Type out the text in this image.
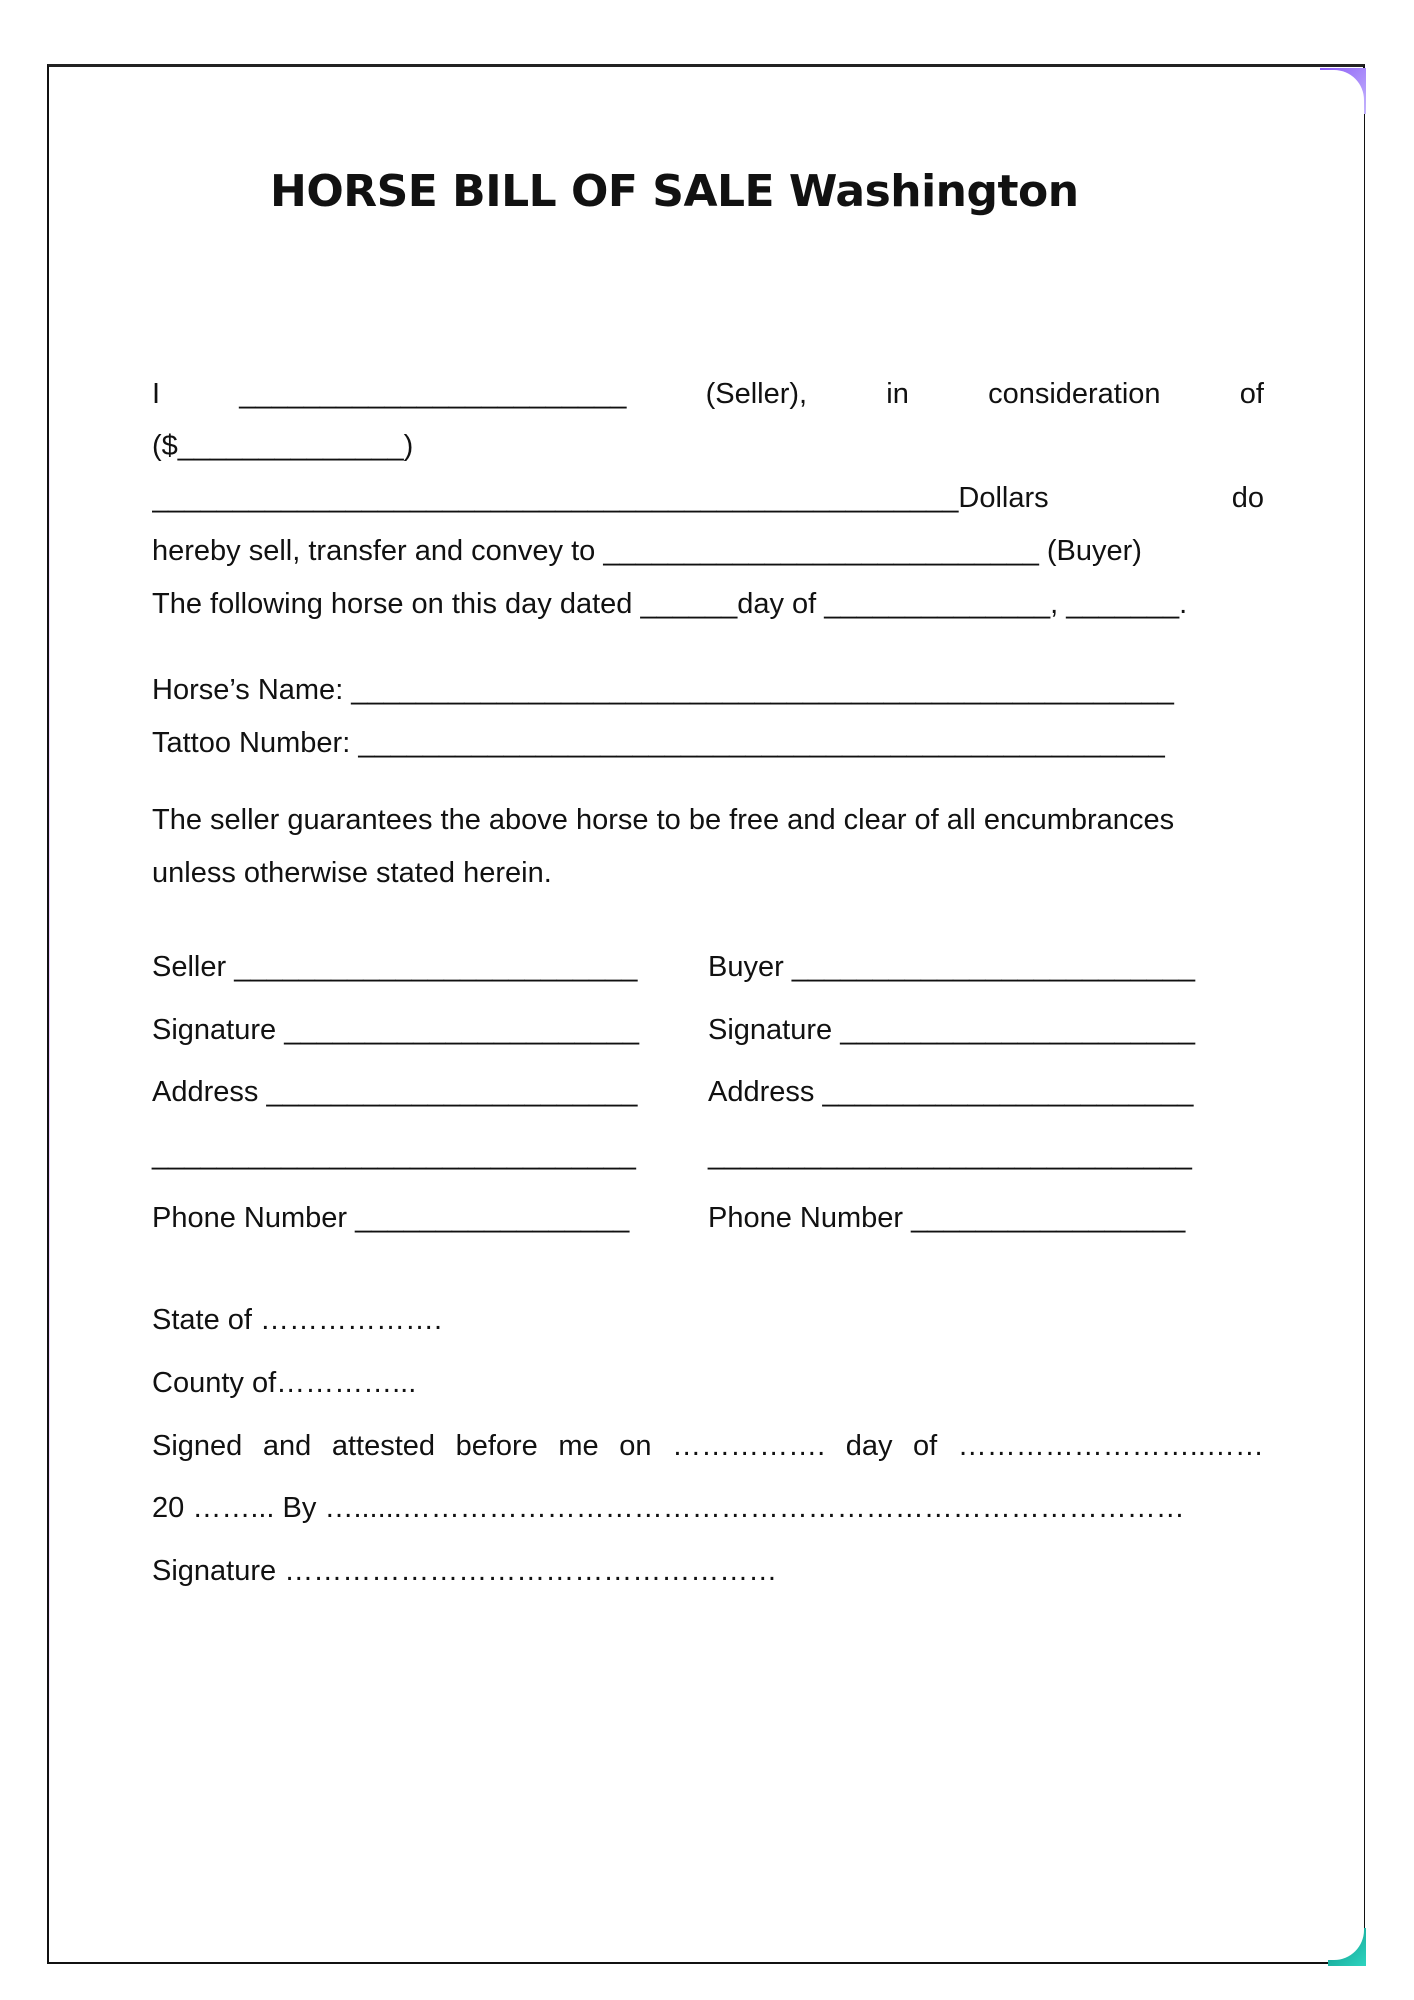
HORSE BILL OF SALE Washington
I	________________________	(Seller),	in	consideration	of
($______________)
__________________________________________________Dollars	do
hereby sell, transfer and convey to ___________________________ (Buyer)
The following horse on this day dated ______day of ______________, _______.
Horse’s Name: ___________________________________________________
Tattoo Number: __________________________________________________
The seller guarantees the above horse to be free and clear of all encumbrances
unless otherwise stated herein.
Seller _________________________ Buyer _________________________
Signature ______________________ Signature ______________________
Address _______________________ Address _______________________
______________________________ ______________________________
Phone Number _________________	Phone Number _________________
State of ……………….
County of…………...
Signed and attested before me on ……………. day of ……………………..……
20 ……... By …......………………………………………………………………………
Signature ……………………………………………
